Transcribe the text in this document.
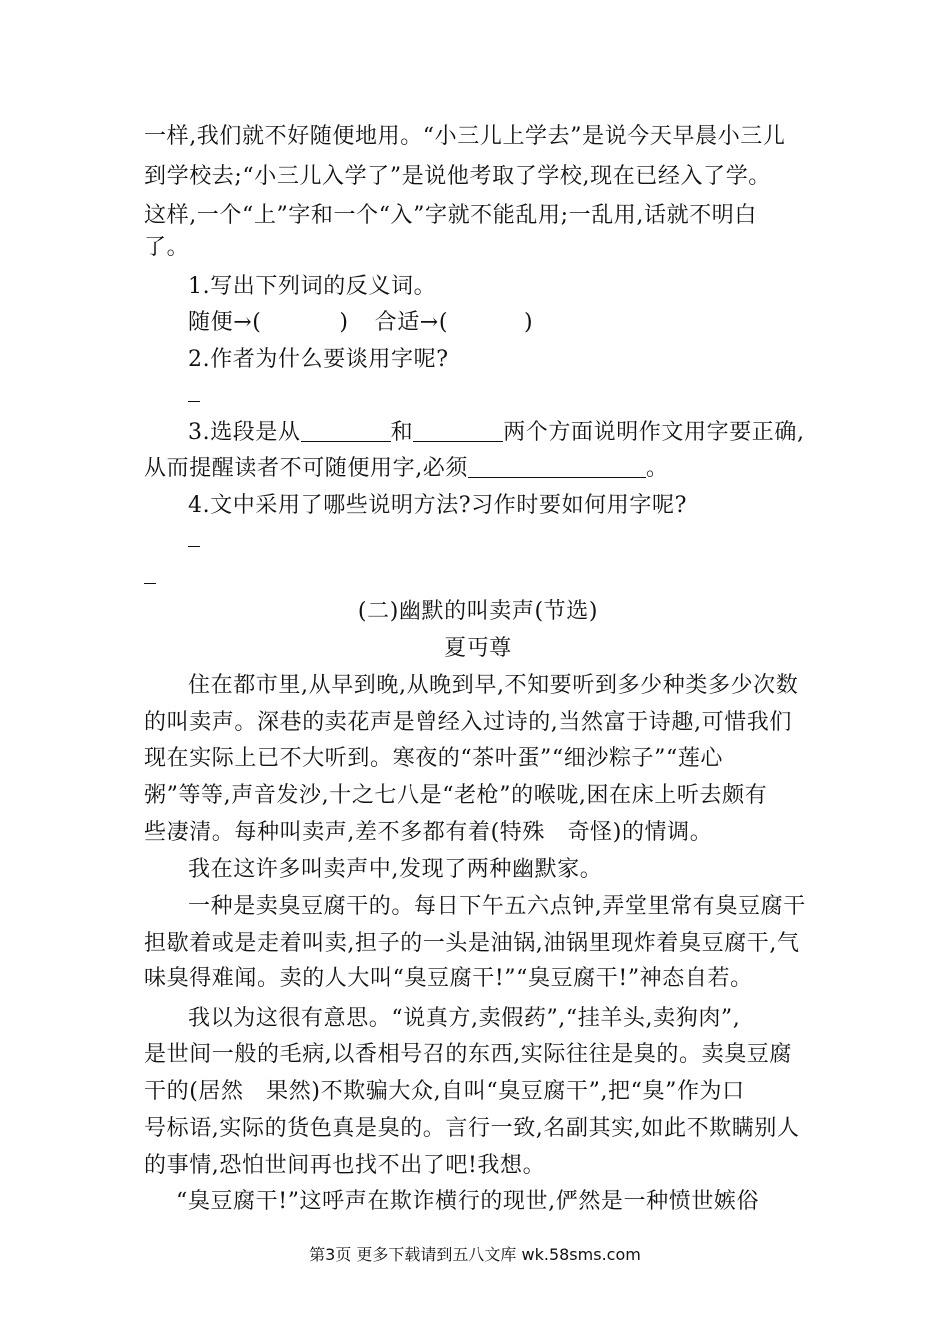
一样,我们就不好随便地用。“小三儿上学去”是说今天早晨小三儿
到学校去;“小三儿入学了”是说他考取了学校,现在已经入了学。
这样,一个“上”字和一个“入”字就不能乱用;一乱用,话就不明白
了。
1.写出下列词的反义词。
随便→(	) 合适→(	)
2.作者为什么要谈用字呢?
3.选段是从	和	两个方面说明作文用字要正确,
从而提醒读者不可随便用字,必须	。
4.文中采用了哪些说明方法?习作时要如何用字呢?
(二)幽默的叫卖声(节选)
夏丏尊
住在都市里,从早到晚,从晚到早,不知要听到多少种类多少次数
的叫卖声。深巷的卖花声是曾经入过诗的,当然富于诗趣,可惜我们
现在实际上已不大听到。寒夜的“茶叶蛋”“细沙粽子”“莲心
粥”等等,声音发沙,十之七八是“老枪”的喉咙,困在床上听去颇有
些凄清。每种叫卖声,差不多都有着(特殊　奇怪)的情调。
我在这许多叫卖声中,发现了两种幽默家。
一种是卖臭豆腐干的。每日下午五六点钟,弄堂里常有臭豆腐干
担歇着或是走着叫卖,担子的一头是油锅,油锅里现炸着臭豆腐干,气
味臭得难闻。卖的人大叫“臭豆腐干!”“臭豆腐干!”神态自若。
我以为这很有意思。“说真方,卖假药”,“挂羊头,卖狗肉”,
是世间一般的毛病,以香相号召的东西,实际往往是臭的。卖臭豆腐
干的(居然　果然)不欺骗大众,自叫“臭豆腐干”,把“臭”作为口
号标语,实际的货色真是臭的。言行一致,名副其实,如此不欺瞒别人
的事情,恐怕世间再也找不出了吧!我想。
“臭豆腐干!”这呼声在欺诈横行的现世,俨然是一种愤世嫉俗
第3页 更多下载请到五八文库 wk.58sms.com
